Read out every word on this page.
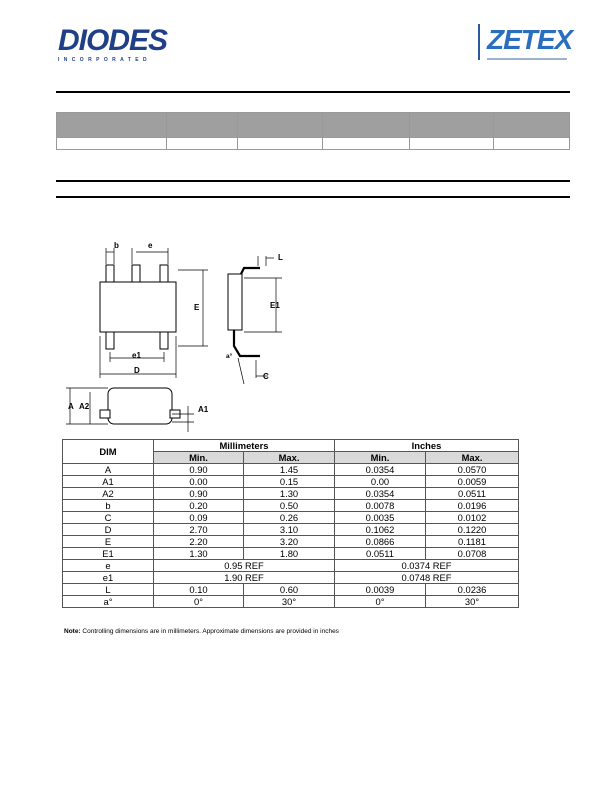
DIODES
INCORPORATED
ZETEX

b	e
E
e1
D
L
E1
a°
C
A A2	A1
DIM	Millimeters		Inches	
	Min.	Max.	Min.	Max.
A	0.90	1.45	0.0354	0.0570
A1	0.00	0.15	0.00	0.0059
A2	0.90	1.30	0.0354	0.0511
b	0.20	0.50	0.0078	0.0196
C	0.09	0.26	0.0035	0.0102
D	2.70	3.10	0.1062	0.1220
E	2.20	3.20	0.0866	0.1181
E1	1.30	1.80	0.0511	0.0708
e	0.95 REF		0.0374 REF	
e1	1.90 REF		0.0748 REF	
L	0.10	0.60	0.0039	0.0236
a°	0°	30°	0°	30°
Note: Controlling dimensions are in millimeters. Approximate dimensions are provided in inches
